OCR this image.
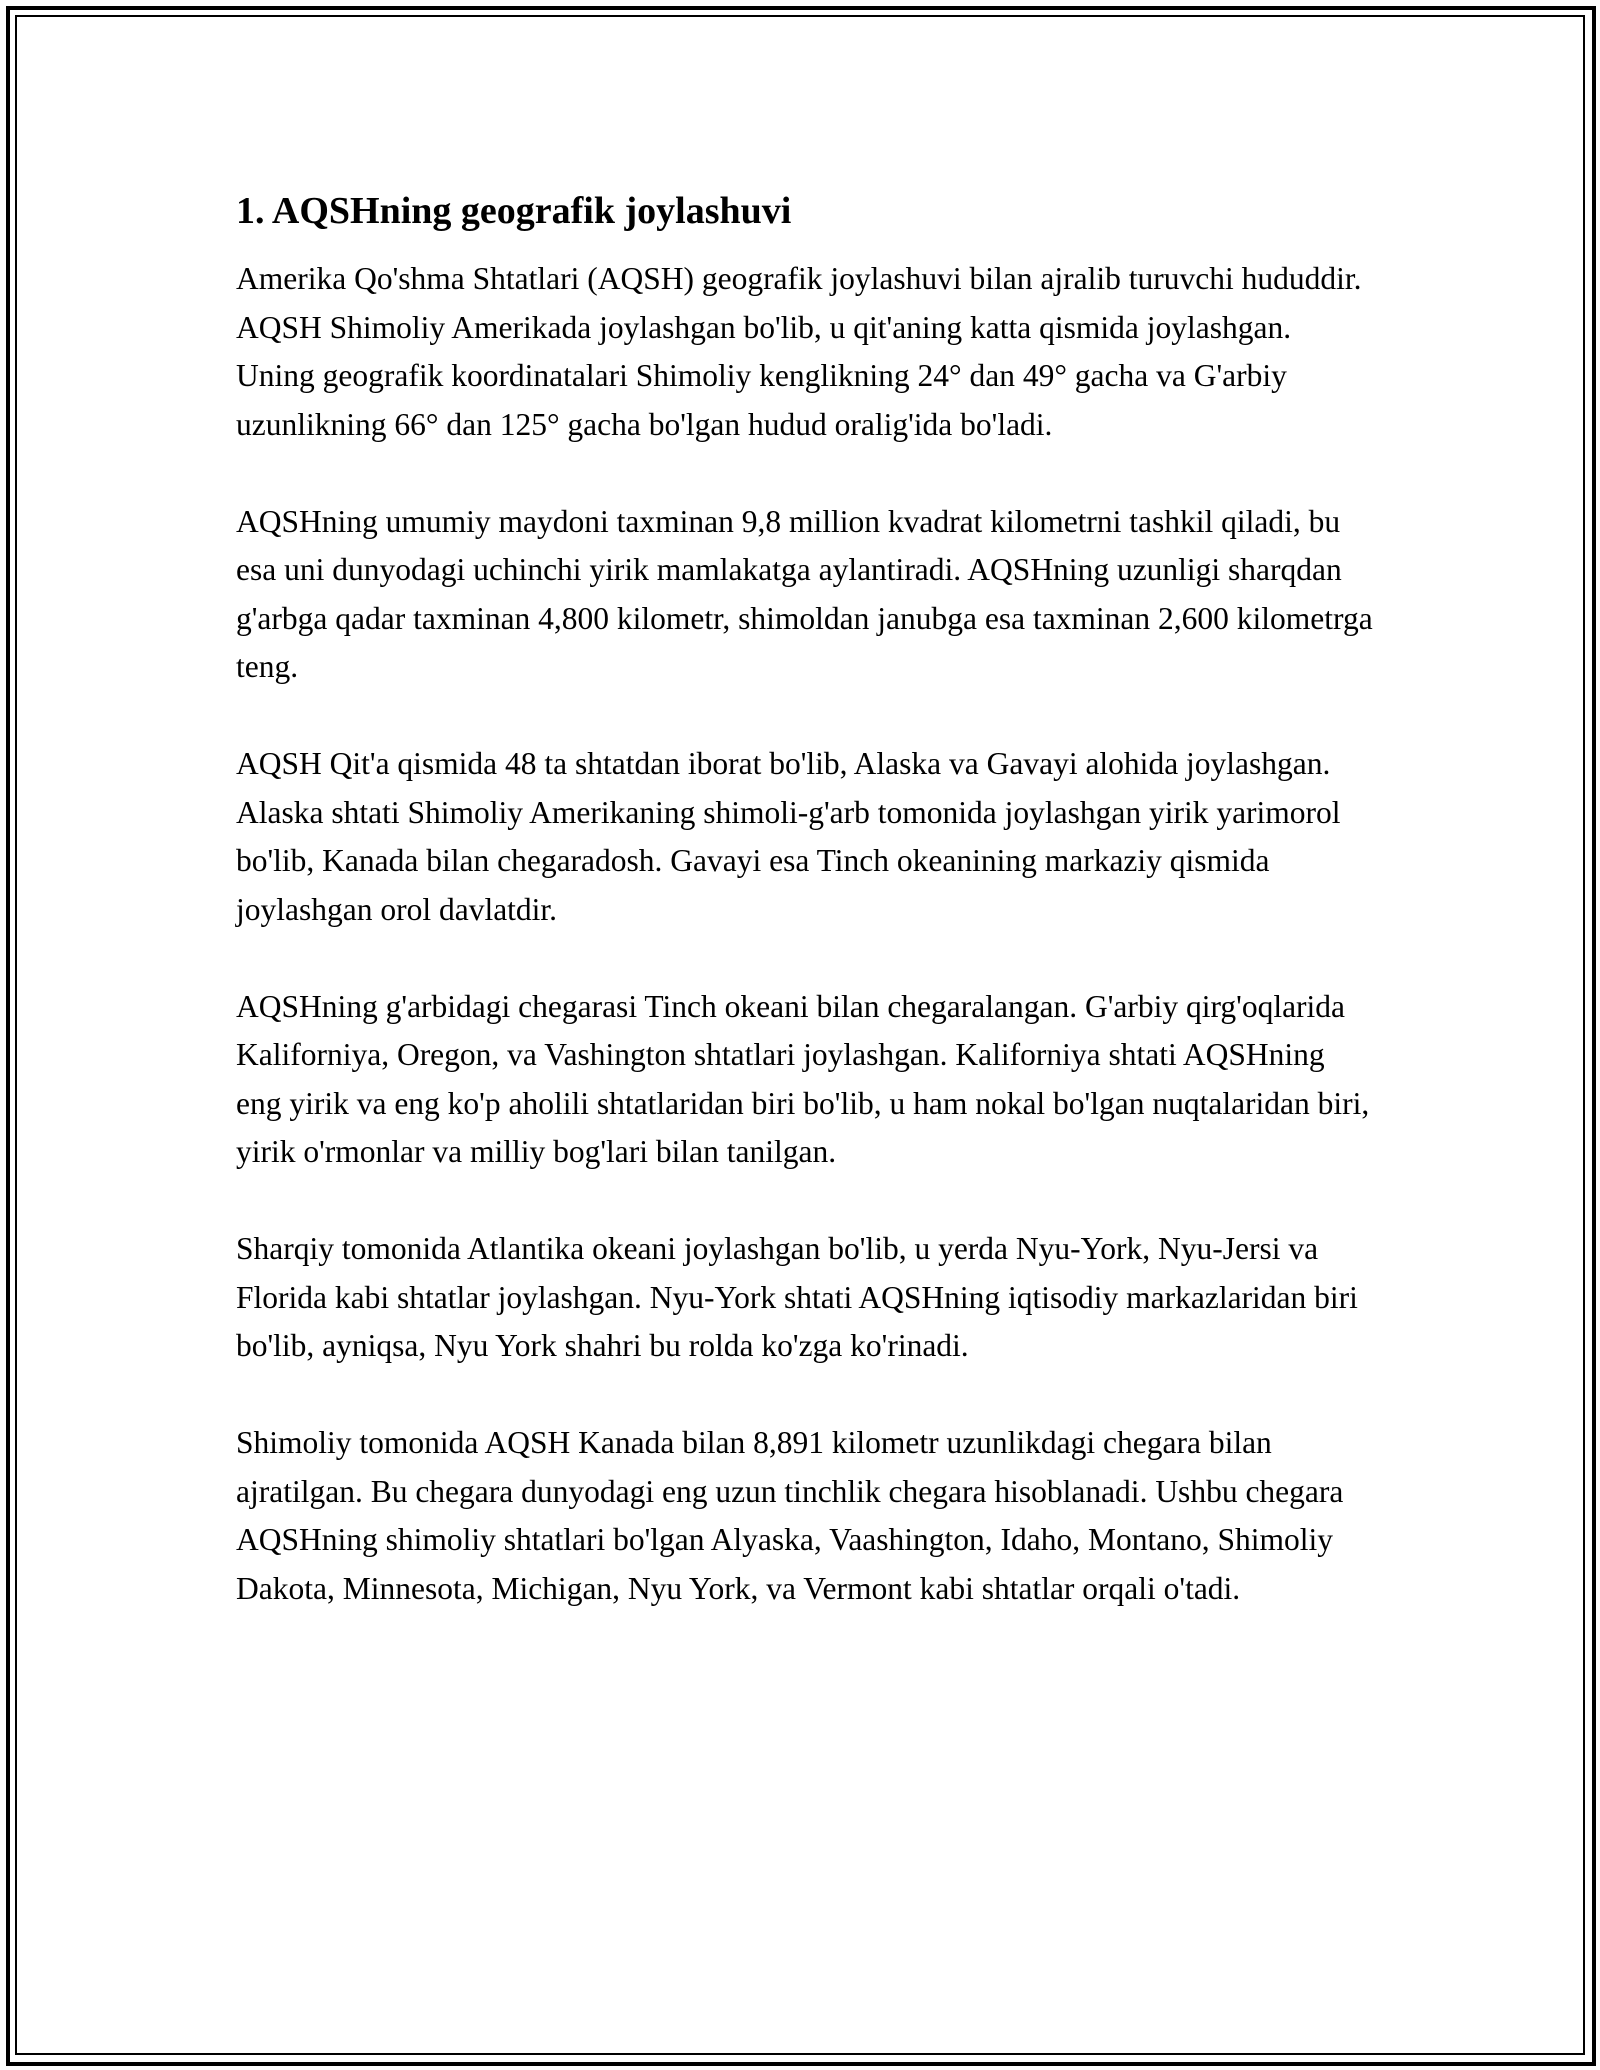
1. AQSHning geografik joylashuvi

Amerika Qo'shma Shtatlari (AQSH) geografik joylashuvi bilan ajralib turuvchi hududdir. AQSH Shimoliy Amerikada joylashgan bo'lib, u qit'aning katta qismida joylashgan. Uning geografik koordinatalari Shimoliy kenglikning 24° dan 49° gacha va G'arbiy uzunlikning 66° dan 125° gacha bo'lgan hudud oralig'ida bo'ladi.

AQSHning umumiy maydoni taxminan 9,8 million kvadrat kilometrni tashkil qiladi, bu esa uni dunyodagi uchinchi yirik mamlakatga aylantiradi. AQSHning uzunligi sharqdan g'arbga qadar taxminan 4,800 kilometr, shimoldan janubga esa taxminan 2,600 kilometrga teng.

AQSH Qit'a qismida 48 ta shtatdan iborat bo'lib, Alaska va Gavayi alohida joylashgan. Alaska shtati Shimoliy Amerikaning shimoli-g'arb tomonida joylashgan yirik yarimorol bo'lib, Kanada bilan chegaradosh. Gavayi esa Tinch okeanining markaziy qismida joylashgan orol davlatdir.

AQSHning g'arbidagi chegarasi Tinch okeani bilan chegaralangan. G'arbiy qirg'oqlarida Kaliforniya, Oregon, va Vashington shtatlari joylashgan. Kaliforniya shtati AQSHning eng yirik va eng ko'p aholili shtatlaridan biri bo'lib, u ham nokal bo'lgan nuqtalaridan biri, yirik o'rmonlar va milliy bog'lari bilan tanilgan.

Sharqiy tomonida Atlantika okeani joylashgan bo'lib, u yerda Nyu-York, Nyu-Jersi va Florida kabi shtatlar joylashgan. Nyu-York shtati AQSHning iqtisodiy markazlaridan biri bo'lib, ayniqsa, Nyu York shahri bu rolda ko'zga ko'rinadi.

Shimoliy tomonida AQSH Kanada bilan 8,891 kilometr uzunlikdagi chegara bilan ajratilgan. Bu chegara dunyodagi eng uzun tinchlik chegara hisoblanadi. Ushbu chegara AQSHning shimoliy shtatlari bo'lgan Alyaska, Vaashington, Idaho, Montano, Shimoliy Dakota, Minnesota, Michigan, Nyu York, va Vermont kabi shtatlar orqali o'tadi.
